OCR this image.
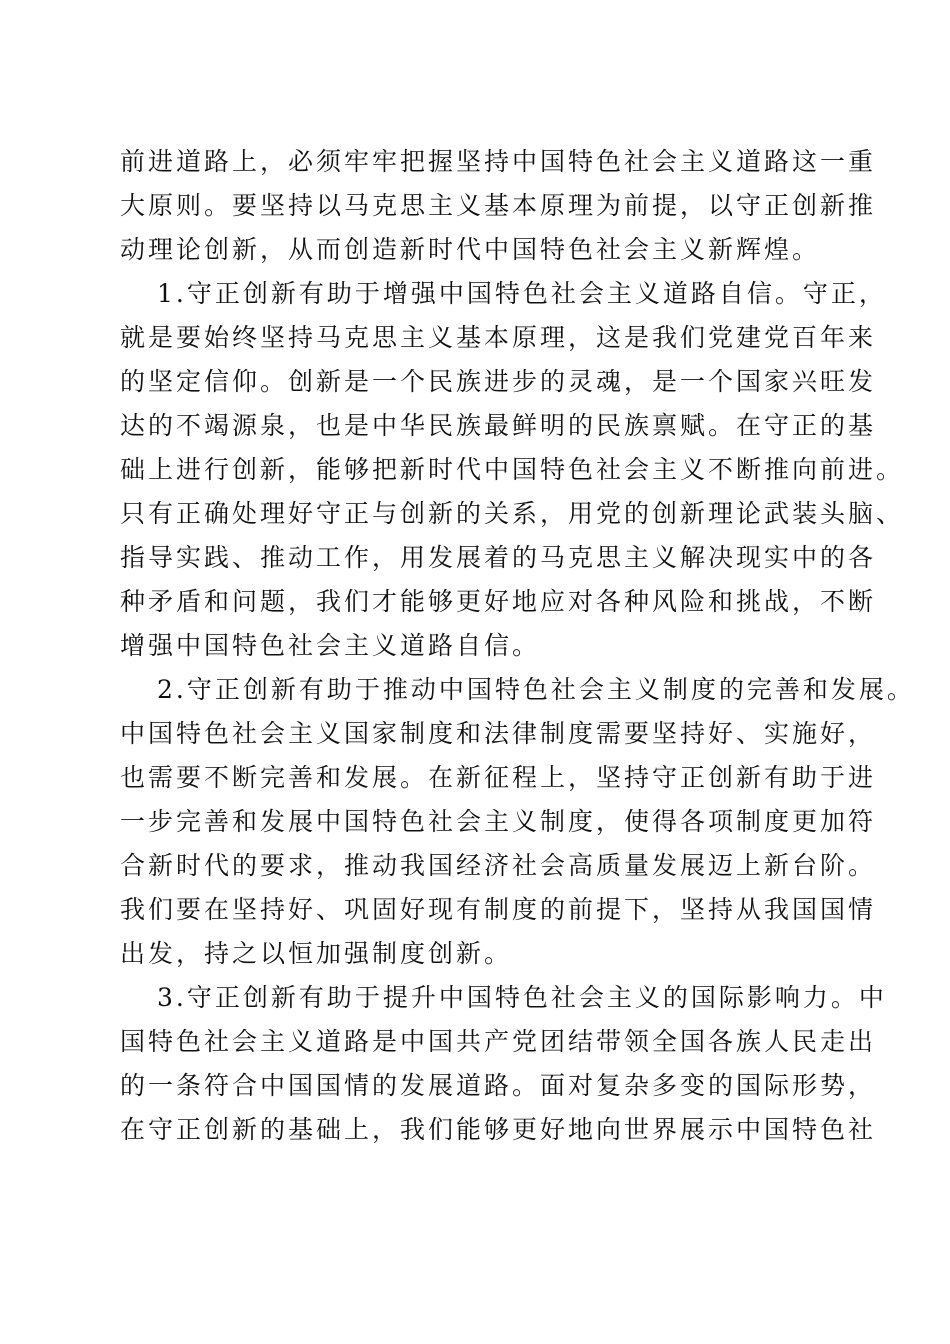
前进道路上，必须牢牢把握坚持中国特色社会主义道路这一重
大原则。要坚持以马克思主义基本原理为前提，以守正创新推
动理论创新，从而创造新时代中国特色社会主义新辉煌。
1.守正创新有助于增强中国特色社会主义道路自信。守正，
就是要始终坚持马克思主义基本原理，这是我们党建党百年来
的坚定信仰。创新是一个民族进步的灵魂，是一个国家兴旺发
达的不竭源泉，也是中华民族最鲜明的民族禀赋。在守正的基
础上进行创新，能够把新时代中国特色社会主义不断推向前进。
只有正确处理好守正与创新的关系，用党的创新理论武装头脑、
指导实践、推动工作，用发展着的马克思主义解决现实中的各
种矛盾和问题，我们才能够更好地应对各种风险和挑战，不断
增强中国特色社会主义道路自信。
2.守正创新有助于推动中国特色社会主义制度的完善和发展。
中国特色社会主义国家制度和法律制度需要坚持好、实施好，
也需要不断完善和发展。在新征程上，坚持守正创新有助于进
一步完善和发展中国特色社会主义制度，使得各项制度更加符
合新时代的要求，推动我国经济社会高质量发展迈上新台阶。
我们要在坚持好、巩固好现有制度的前提下，坚持从我国国情
出发，持之以恒加强制度创新。
3.守正创新有助于提升中国特色社会主义的国际影响力。中
国特色社会主义道路是中国共产党团结带领全国各族人民走出
的一条符合中国国情的发展道路。面对复杂多变的国际形势，
在守正创新的基础上，我们能够更好地向世界展示中国特色社
